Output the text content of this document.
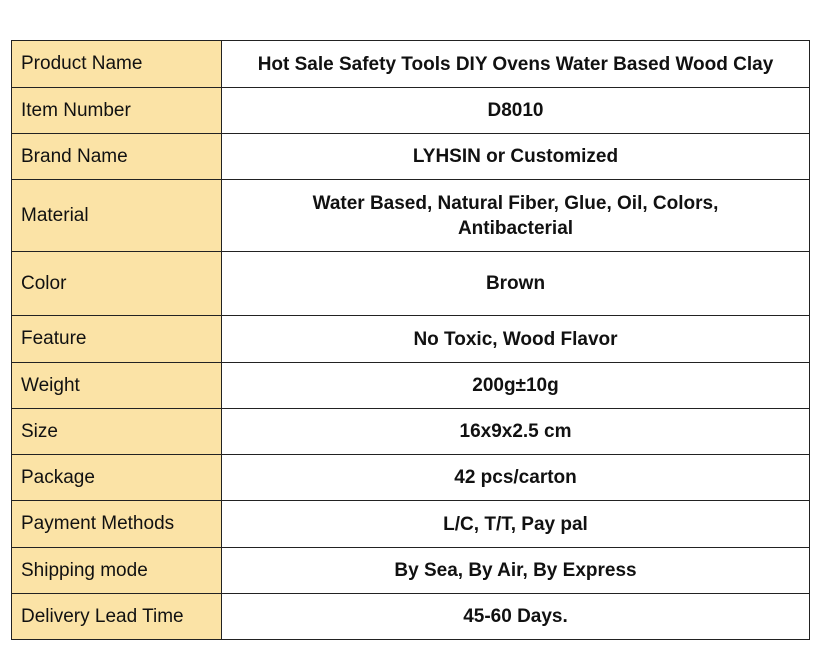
Product Name	Hot Sale Safety Tools DIY Ovens Water Based Wood Clay
Item Number	D8010
Brand Name	LYHSIN or Customized
Material	Water Based, Natural Fiber, Glue, Oil, Colors, Antibacterial
Color	Brown
Feature	No Toxic, Wood Flavor
Weight	200g±10g
Size	16x9x2.5 cm
Package	42 pcs/carton
Payment Methods	L/C, T/T, Pay pal
Shipping mode	By Sea, By Air, By Express
Delivery Lead Time	45-60 Days.
